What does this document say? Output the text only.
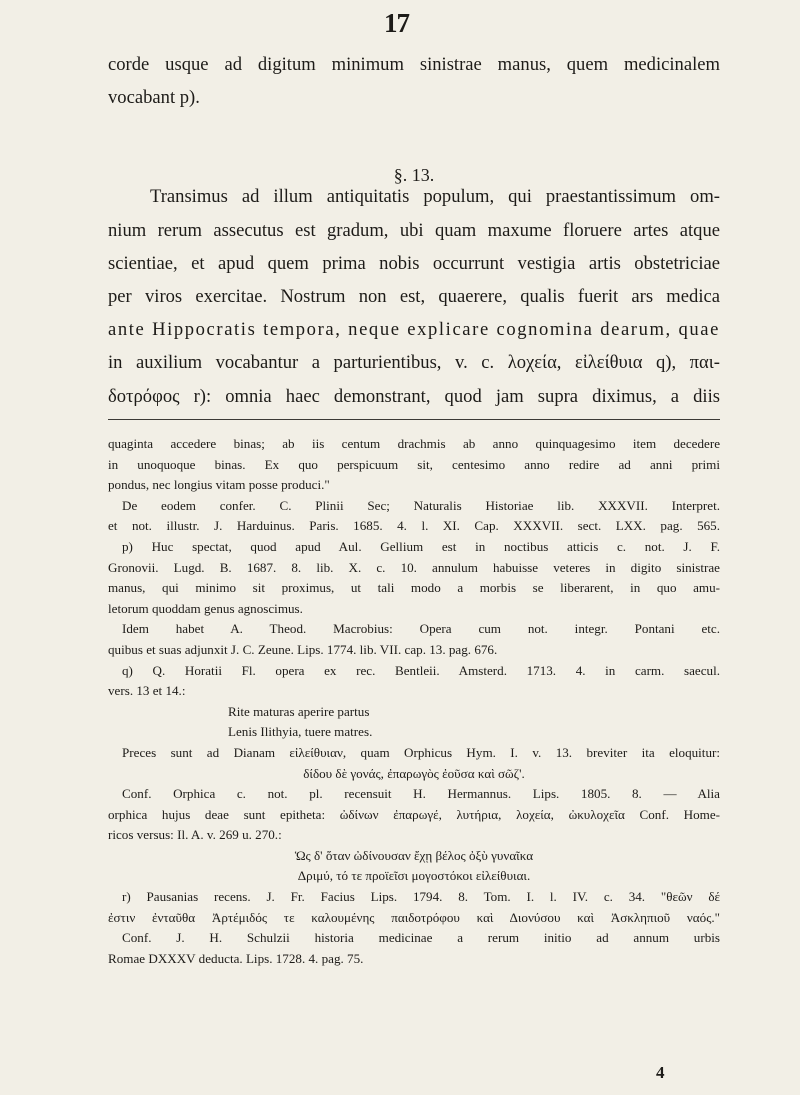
17

corde usque ad digitum minimum sinistrae manus, quem medicinalem

vocabant p).

§. 13.

Transimus ad illum antiquitatis populum, qui praestantissimum om-

nium rerum assecutus est gradum, ubi quam maxume floruere artes atque

scientiae, et apud quem prima nobis occurrunt vestigia artis obstetriciae

per viros exercitae. Nostrum non est, quaerere, qualis fuerit ars medica

ante Hippocratis tempora, neque explicare cognomina dearum, quae

in auxilium vocabantur a parturientibus, v. c. λοχεία, εἰλείθυια q), παι-

δοτρόφος r): omnia haec demonstrant, quod jam supra diximus, a diis

quaginta accedere binas; ab iis centum drachmis ab anno quinquagesimo item decedere

in unoquoque binas. Ex quo perspicuum sit, centesimo anno redire ad anni primi

pondus, nec longius vitam posse produci."

De eodem confer. C. Plinii Sec; Naturalis Historiae lib. XXXVII. Interpret.

et not. illustr. J. Harduinus. Paris. 1685. 4. l. XI. Cap. XXXVII. sect. LXX. pag. 565.

p) Huc spectat, quod apud Aul. Gellium est in noctibus atticis c. not. J. F.

Gronovii. Lugd. B. 1687. 8. lib. X. c. 10. annulum habuisse veteres in digito sinistrae

manus, qui minimo sit proximus, ut tali modo a morbis se liberarent, in quo amu-

letorum quoddam genus agnoscimus.

Idem habet A. Theod. Macrobius: Opera cum not. integr. Pontani etc.

quibus et suas adjunxit J. C. Zeune. Lips. 1774. lib. VII. cap. 13. pag. 676.

q) Q. Horatii Fl. opera ex rec. Bentleii. Amsterd. 1713. 4. in carm. saecul.

vers. 13 et 14.:

Rite maturas aperire partus

Lenis Ilithyia, tuere matres.

Preces sunt ad Dianam εἰλείθυιαν, quam Orphicus Hym. I. v. 13. breviter ita eloquitur:

δίδου δὲ γονάς, ἐπαρωγὸς ἐοῦσα καὶ σῶζ'.

Conf. Orphica c. not. pl. recensuit H. Hermannus. Lips. 1805. 8. — Alia

orphica hujus deae sunt epitheta: ὠδίνων ἐπαρωγέ, λυτήρια, λοχεία, ὠκυλοχεῖα Conf. Home-

ricos versus: Il. A. v. 269 u. 270.:

Ὡς δ' ὅταν ὠδίνουσαν ἔχῃ βέλος ὀξὺ γυναῖκα

Δριμύ, τό τε προϊεῖσι μογοστόκοι εἰλείθυιαι.

r) Pausanias recens. J. Fr. Facius Lips. 1794. 8. Tom. I. l. IV. c. 34. "θεῶν δέ

ἐστιν ἐνταῦθα Ἀρτέμιδός τε καλουμένης παιδοτρόφου καὶ Διονύσου καὶ Ἀσκληπιοῦ ναός."

Conf. J. H. Schulzii historia medicinae a rerum initio ad annum urbis

Romae DXXXV deducta. Lips. 1728. 4. pag. 75.

4
